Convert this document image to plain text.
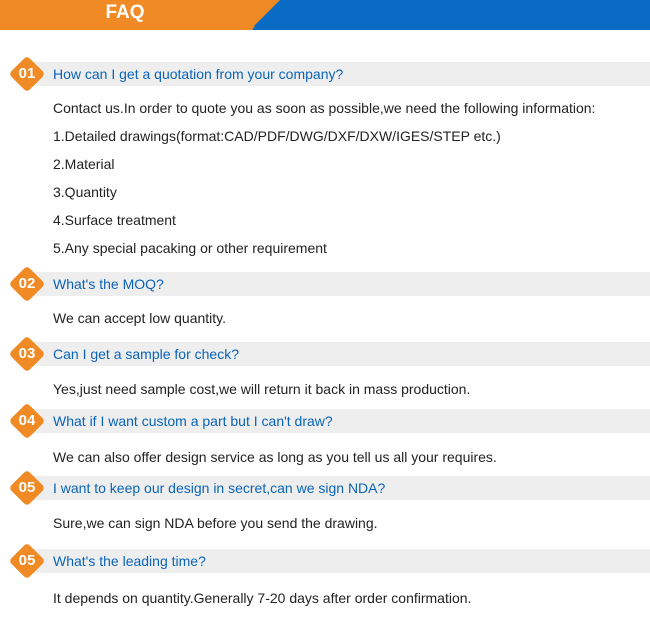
FAQ
01	How can I get a quotation from your company?
Contact us.In order to quote you as soon as possible,we need the following information:
1.Detailed drawings(format:CAD/PDF/DWG/DXF/DXW/IGES/STEP etc.)
2.Material
3.Quantity
4.Surface treatment
5.Any special pacaking or other requirement
02	What's the MOQ?
We can accept low quantity.
03	Can I get a sample for check?
Yes,just need sample cost,we will return it back in mass production.
04	What if I want custom a part but I can't draw?
We can also offer design service as long as you tell us all your requires.
05	I want to keep our design in secret,can we sign NDA?
Sure,we can sign NDA before you send the drawing.
05	What's the leading time?
It depends on quantity.Generally 7-20 days after order confirmation.
